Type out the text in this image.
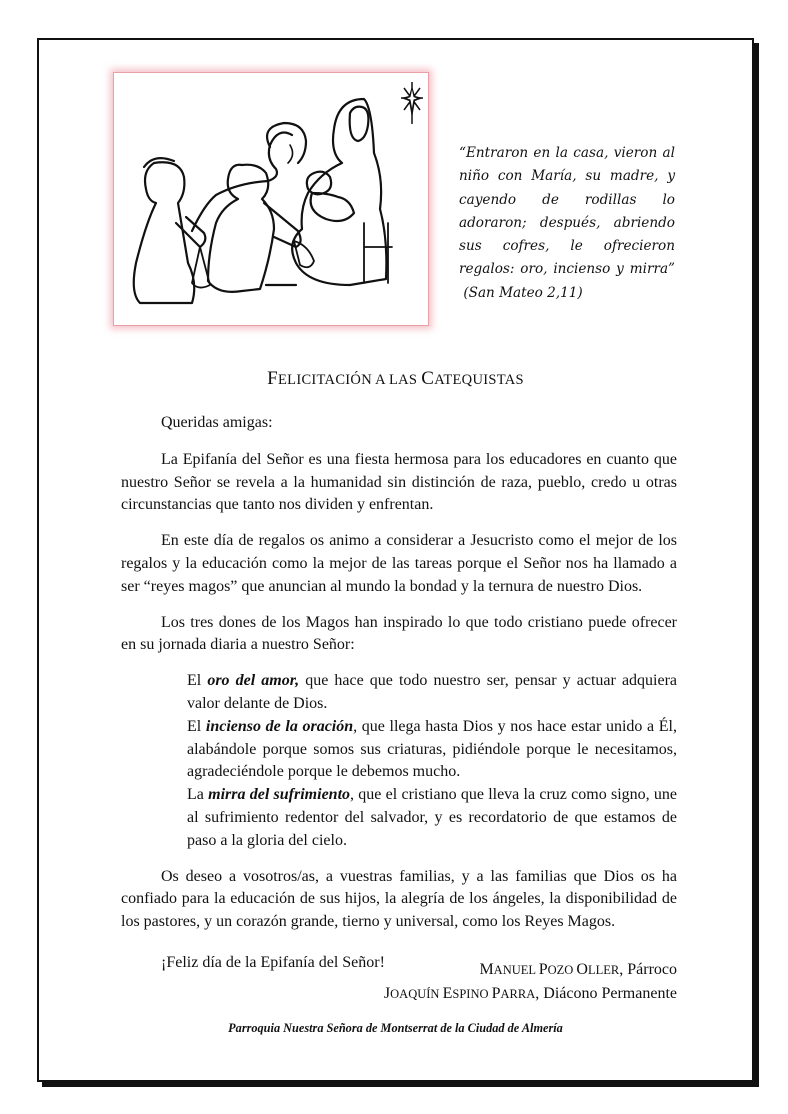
“Entraron en la casa, vieron al niño con María, su madre, y cayendo de rodillas lo adoraron; después, abriendo sus cofres, le ofrecieron regalos: oro, incienso y mirra”  (San Mateo 2,11)
FELICITACIÓN A LAS CATEQUISTAS

Queridas amigas:

La Epifanía del Señor es una fiesta hermosa para los educadores en cuanto que nuestro Señor se revela a la humanidad sin distinción de raza, pueblo, credo u otras circunstancias que tanto nos dividen y enfrentan.

En este día de regalos os animo a considerar a Jesucristo como el mejor de los regalos y la educación como la mejor de las tareas porque el Señor nos ha llamado a ser “reyes magos” que anuncian al mundo la bondad y la ternura de nuestro Dios.

Los tres dones de los Magos han inspirado lo que todo cristiano puede ofrecer en su jornada diaria a nuestro Señor:

El oro del amor, que hace que todo nuestro ser, pensar y actuar adquiera valor delante de Dios.

El incienso de la oración, que llega hasta Dios y nos hace estar unido a Él, alabándole porque somos sus criaturas, pidiéndole porque le necesitamos, agradeciéndole porque le debemos mucho.

La mirra del sufrimiento, que el cristiano que lleva la cruz como signo, une al sufrimiento redentor del salvador, y es recordatorio de que estamos de paso a la gloria del cielo.

Os deseo a vosotros/as, a vuestras familias, y a las familias que Dios os ha confiado para la educación de sus hijos, la alegría de los ángeles, la disponibilidad de los pastores, y un corazón grande, tierno y universal, como los Reyes Magos.

¡Feliz día de la Epifanía del Señor!	MANUEL POZO OLLER, Párroco
JOAQUÍN ESPINO PARRA, Diácono Permanente
Parroquia Nuestra Señora de Montserrat de la Ciudad de Almería
